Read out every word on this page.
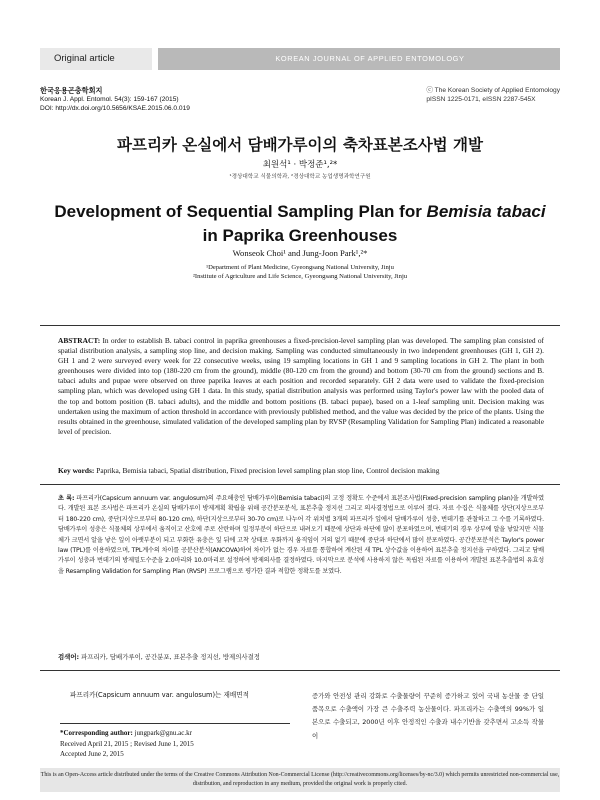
Original article	KOREAN JOURNAL OF APPLIED ENTOMOLOGY
한국응용곤충학회지
Korean J. Appl. Entomol. 54(3): 159-167 (2015)
DOI: http://dx.doi.org/10.5656/KSAE.2015.06.0.019
ⓒ The Korean Society of Applied Entomology
pISSN 1225-0171, eISSN 2287-545X
파프리카 온실에서 담배가루이의 축차표본조사법 개발
최원석¹ · 박정준¹,²*
¹경상대학교 식물의학과, ²경상대학교 농업생명과학연구원
Development of Sequential Sampling Plan for Bemisia tabaci
in Paprika Greenhouses
Wonseok Choi¹ and Jung-Joon Park¹,²*
¹Department of Plant Medicine, Gyeongsang National University, Jinju
²Institute of Agriculture and Life Science, Gyeongsang National University, Jinju
ABSTRACT: In order to establish B. tabaci control in paprika greenhouses a fixed-precision-level sampling plan was developed. The sampling plan consisted of spatial distribution analysis, a sampling stop line, and decision making. Sampling was conducted simultaneously in two independent greenhouses (GH 1, GH 2). GH 1 and 2 were surveyed every week for 22 consecutive weeks, using 19 sampling locations in GH 1 and 9 sampling locations in GH 2. The plant in both greenhouses were divided into top (180-220 cm from the ground), middle (80-120 cm from the ground) and bottom (30-70 cm from the ground) sections and B. tabaci adults and pupae were observed on three paprika leaves at each position and recorded separately. GH 2 data were used to validate the fixed-precision sampling plan, which was developed using GH 1 data. In this study, spatial distribution analysis was performed using Taylor's power law with the pooled data of the top and bottom position (B. tabaci adults), and the middle and bottom positions (B. tabaci pupae), based on a 1-leaf sampling unit. Decision making was undertaken using the maximum of action threshold in accordance with previously published method, and the value was decided by the price of the plants. Using the results obtained in the greenhouse, simulated validation of the developed sampling plan by RVSP (Resampling Validation for Sampling Plan) indicated a reasonable level of precision.
Key words: Paprika, Bemisia tabaci, Spatial distribution, Fixed precision level sampling plan stop line, Control decision making
초 록: 파프리카(Capsicum annuum var. angulosum)의 주요해충인 담배가루이(Bemisia tabaci)의 고정 정확도 수준에서 표본조사법(Fixed-precision sampling plan)을 개발하였다. 개발된 표본 조사법은 파프리카 온실의 담배가루이 방제계획 확립을 위해 공간분포분석, 표본추출 정지선 그리고 의사결정법으로 이루어 졌다. 자료 수집은 식물체를 상단(지상으로부터 180-220 cm), 중단(지상으로부터 80-120 cm), 하단(지상으로부터 30-70 cm)로 나누어 각 위치별 3개의 파프리카 잎에서 담배가루이 성충, 번데기를 관찰하고 그 수를 기록하였다. 담배가루이 성충은 식물체의 상부에서 움직이고 산호에 주로 산란하며 일정부분이 하단으로 내려오기 때문에 상단과 하단에 많이 분포하였으며, 번데기의 경우 상부에 알을 낳았지만 식물체가 크면서 알을 낳은 잎이 아랫부분이 되고 부화한 유충은 잎 뒤에 고착 상태로 우화까지 움직임이 거의 없기 때문에 중단과 하단에서 많이 분포하였다. 공간분포분석은 Taylor's power law (TPL)를 이용하였으며, TPL계수의 차이를 공분산분석(ANCOVA)하여 차이가 없는 경우 자료를 통합하여 계산된 새 TPL 상수값을 이용하여 표본추출 정지선을 구하였다. 그리고 담배가루이 성충과 번데기의 방제밀도수준을 2.0마리와 10.0마리로 설정하여 방제의사를 결정하였다. 마지막으로 분석에 사용하지 않은 독립된 자료를 이용하여 개발된 표본추출법의 유효성을 Resampling Validation for Sampling Plan (RVSP) 프로그램으로 평가한 결과 적합한 정확도를 보였다.
검색어: 파프리카, 담배가루이, 공간분포, 표본추출 정지선, 방제의사결정
파프리카(Capsicum annuum var. angulosum)는 재배면적
*Corresponding author: jungpark@gnu.ac.kr
Received April 21, 2015 ; Revised June 1, 2015
Accepted June 2, 2015
증가와 안전성 관리 강화로 수출물량이 꾸준히 증가하고 있어 국내 농산물 중 단일품목으로 수출액이 가장 큰 수출주력 농산물이다. 파프리카는 수출액의 99%가 일본으로 수출되고, 2000년 이후 안정적인 수출과 내수기반을 갖추면서 고소득 작물 이
This is an Open-Access article distributed under the terms of the Creative Commons Attribution Non-Commercial License (http://creativecommons.org/licenses/by-nc/3.0) which permits unrestricted non-commercial use, distribution, and reproduction in any medium, provided the original work is properly cited.
